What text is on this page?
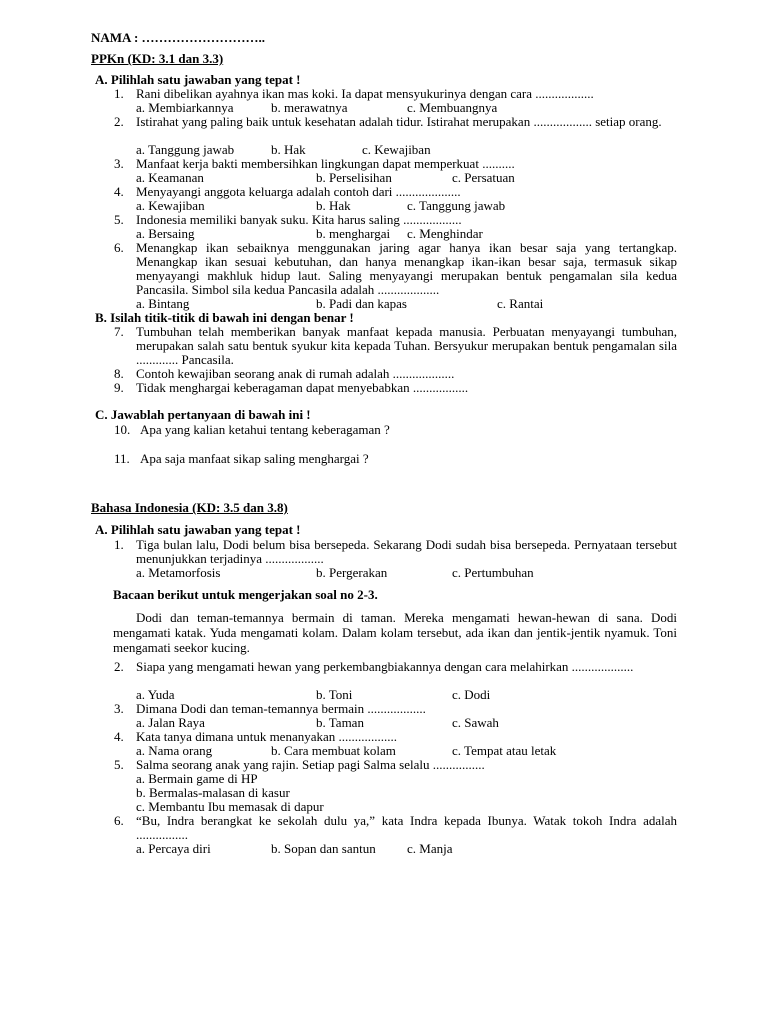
NAMA : ………………………..
PPKn (KD: 3.1 dan 3.3)
A. Pilihlah satu jawaban yang tepat !
1. Rani dibelikan ayahnya ikan mas koki. Ia dapat mensyukurinya dengan cara ..................
a. Membiarkannya	b. merawatnya	c. Membuangnya
2. Istirahat yang paling baik untuk kesehatan adalah tidur. Istirahat merupakan .................. setiap orang.
a. Tanggung jawab	b. Hak	c. Kewajiban
3. Manfaat kerja bakti membersihkan lingkungan dapat memperkuat ..........
a. Keamanan	b. Perselisihan	c. Persatuan
4. Menyayangi anggota keluarga adalah contoh dari ....................
a. Kewajiban	b. Hak	c. Tanggung jawab
5. Indonesia memiliki banyak suku. Kita harus saling ..................
a. Bersaing	b. menghargai c. Menghindar
6. Menangkap ikan sebaiknya menggunakan jaring agar hanya ikan besar saja yang tertangkap. Menangkap ikan sesuai kebutuhan, dan hanya menangkap ikan-ikan besar saja, termasuk sikap menyayangi makhluk hidup laut. Saling menyayangi merupakan bentuk pengamalan sila kedua Pancasila. Simbol sila kedua Pancasila adalah ...................
a. Bintang	b. Padi dan kapas	c. Rantai
B. Isilah titik-titik di bawah ini dengan benar !
7. Tumbuhan telah memberikan banyak manfaat kepada manusia. Perbuatan menyayangi tumbuhan, merupakan salah satu bentuk syukur kita kepada Tuhan. Bersyukur merupakan bentuk pengamalan sila ............. Pancasila.
8. Contoh kewajiban seorang anak di rumah adalah ...................
9. Tidak menghargai keberagaman dapat menyebabkan .................
C. Jawablah pertanyaan di bawah ini !
10. Apa yang kalian ketahui tentang keberagaman ?
11. Apa saja manfaat sikap saling menghargai ?
Bahasa Indonesia (KD: 3.5 dan 3.8)
A. Pilihlah satu jawaban yang tepat !
1. Tiga bulan lalu, Dodi belum bisa bersepeda. Sekarang Dodi sudah bisa bersepeda. Pernyataan tersebut menunjukkan terjadinya ..................
a. Metamorfosis	b. Pergerakan	c. Pertumbuhan
Bacaan berikut untuk mengerjakan soal no 2-3.
Dodi dan teman-temannya bermain di taman. Mereka mengamati hewan-hewan di sana. Dodi mengamati katak. Yuda mengamati kolam. Dalam kolam tersebut, ada ikan dan jentik-jentik nyamuk. Toni mengamati seekor kucing.
2. Siapa yang mengamati hewan yang perkembangbiakannya dengan cara melahirkan ...................
a. Yuda	b. Toni	c. Dodi
3. Dimana Dodi dan teman-temannya bermain ..................
a. Jalan Raya	b. Taman	c. Sawah
4. Kata tanya dimana untuk menanyakan ..................
a. Nama orang	b. Cara membuat kolam	c. Tempat atau letak
5. Salma seorang anak yang rajin. Setiap pagi Salma selalu ................
a. Bermain game di HP
b. Bermalas-malasan di kasur
c. Membantu Ibu memasak di dapur
6. “Bu, Indra berangkat ke sekolah dulu ya,” kata Indra kepada Ibunya. Watak tokoh Indra adalah ................
a. Percaya diri	b. Sopan dan santun c. Manja
